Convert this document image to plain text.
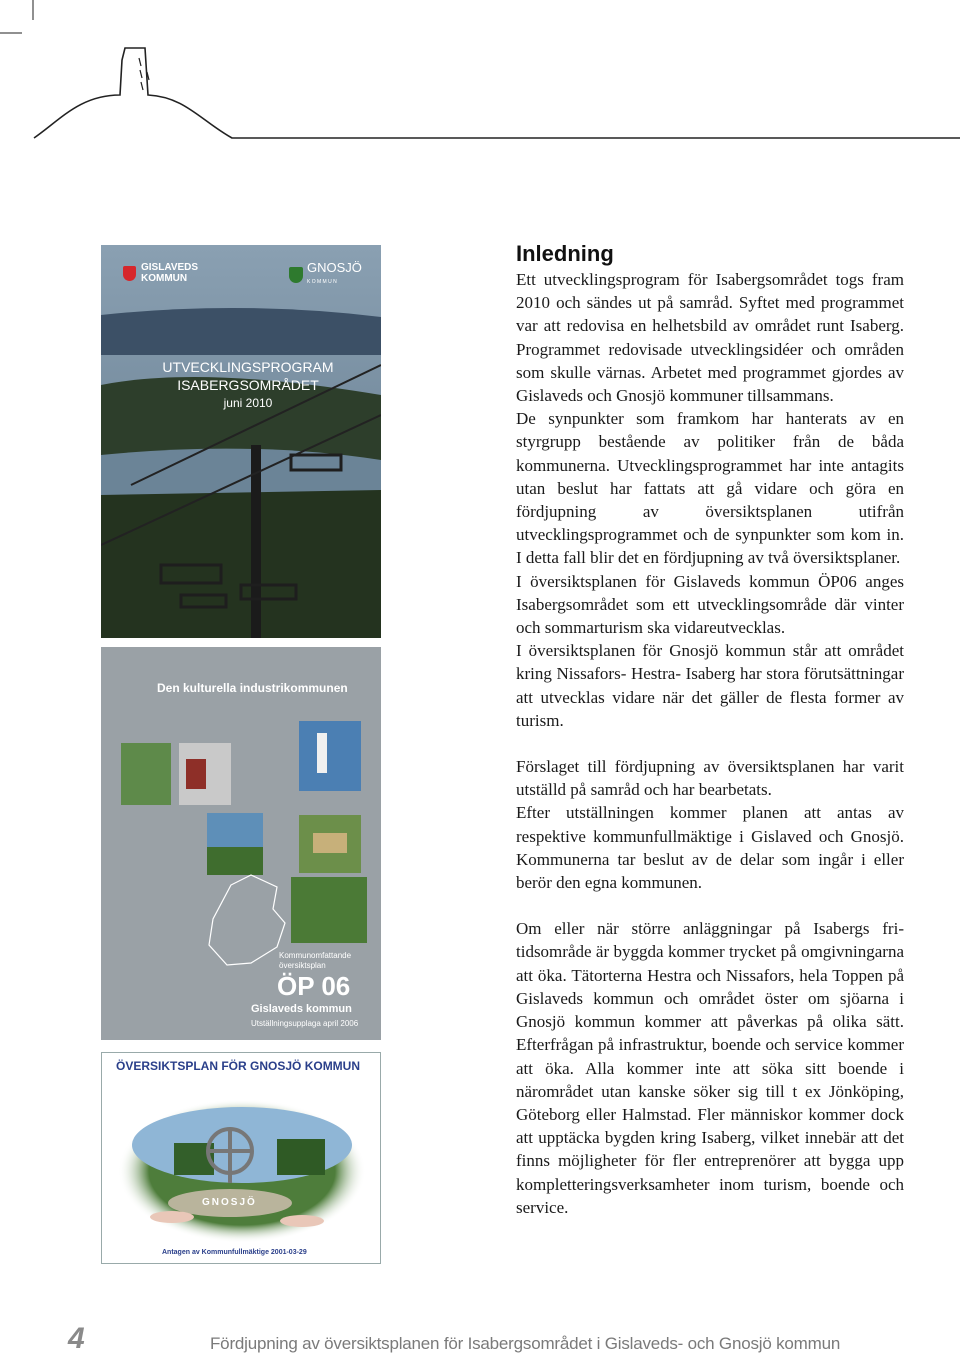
GISLAVEDS
KOMMUN
GNOSJÖ
K O M M U N
UTVECKLINGSPROGRAM
ISABERGSOMRÅDET
juni 2010
Den kulturella industrikommunen
Kommunomfattande
översiktsplan
ÖP 06
Gislaveds kommun
Utställningsupplaga april 2006
ÖVERSIKTSPLAN FÖR GNOSJÖ KOMMUN
GNOSJÖ
Antagen av Kommunfullmäktige 2001-03-29
Inledning

Ett utvecklingsprogram för Isabergsområdet togs fram 2010 och sändes ut på samråd. Syftet med programmet var att redovisa en helhetsbild av området runt Isaberg. Programmet redovisade utvecklingsidéer och områden som skulle värnas. Arbetet med programmet gjordes av Gislaveds och Gnosjö kommuner tillsammans.

De synpunkter som framkom har hanterats av en styrgrupp bestående av politiker från de båda kommunerna. Utvecklingsprogrammet har inte antagits utan beslut har fattats att gå vidare och göra en fördjupning av översiktsplanen utifrån utvecklingsprogrammet och de synpunkter som kom in. I detta fall blir det en fördjupning av två översiktsplaner.

I översiktsplanen för Gislaveds kommun ÖP06 anges Isabergsområdet som ett utvecklingsområde där vinter och sommarturism ska vidareutvecklas.

I översiktsplanen för Gnosjö kommun står att området kring Nissafors- Hestra- Isaberg har stora förutsättningar att utvecklas vidare när det gäller de flesta former av turism.

Förslaget till fördjupning av översiktsplanen har varit utställd på samråd och har bearbetats.

Efter utställningen kommer planen att antas av respektive kommunfullmäktige i Gislaved och Gnosjö. Kommunerna tar beslut av de delar som ingår i eller berör den egna kommunen.

Om eller när större anläggningar på Isabergs fritidsområde är byggda kommer trycket på omgivningarna att öka. Tätorterna Hestra och Nissafors, hela Toppen på Gislaveds kommun och området öster om sjöarna i Gnosjö kommun kommer att påverkas på olika sätt. Efterfrågan på infrastruktur, boende och service kommer att öka. Alla kommer inte att söka sitt boende i närområdet utan kanske söker sig till t ex Jönköping, Göteborg eller Halmstad. Fler människor kommer dock att upptäcka bygden kring Isaberg, vilket innebär att det finns möjligheter för fler entreprenörer att bygga upp kompletteringsverksamheter inom turism, boende och service.

4	Fördjupning av översiktsplanen för Isabergsområdet i Gislaveds- och Gnosjö kommun
